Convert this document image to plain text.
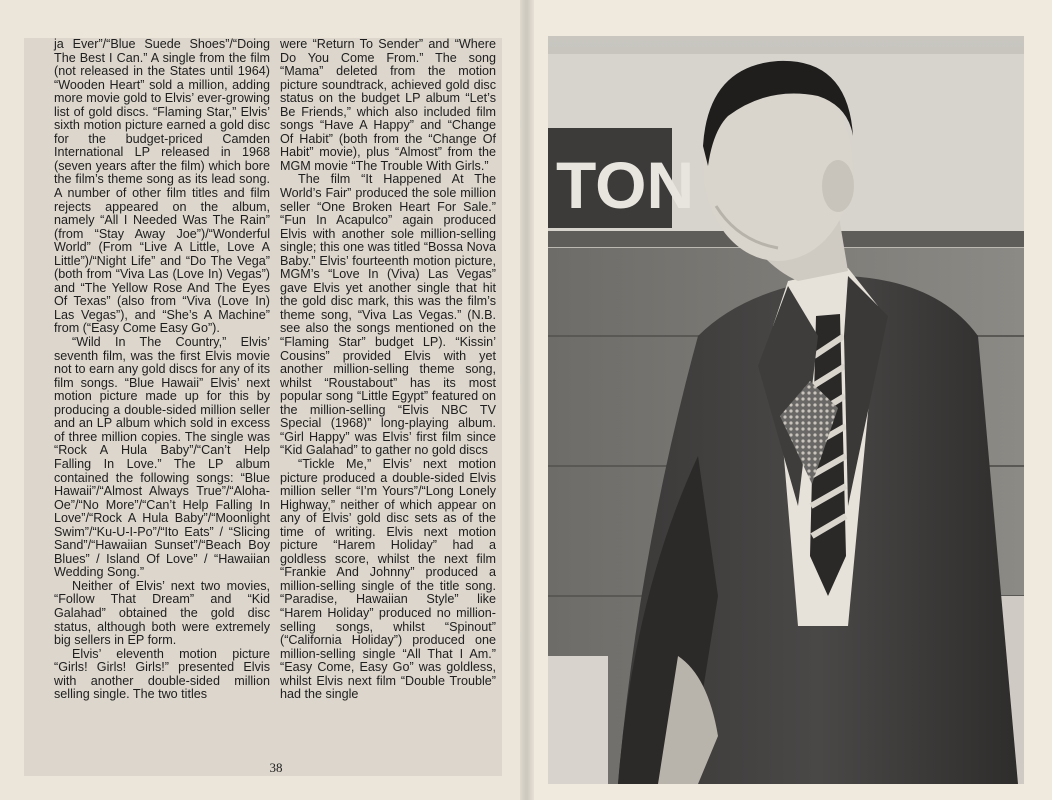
ja Ever”/“Blue Suede Shoes”/“Doing The Best I Can.” A single from the film (not released in the States until 1964) “Wooden Heart” sold a million, adding more movie gold to Elvis’ ever-growing list of gold discs. “Flaming Star,” Elvis’ sixth motion picture earned a gold disc for the budget-priced Camden International LP released in 1968 (seven years after the film) which bore the film’s theme song as its lead song. A number of other film titles and film rejects appeared on the album, namely “All I Needed Was The Rain” (from “Stay Away Joe”)/“Wonderful World” (From “Live A Little, Love A Little”)/“Night Life” and “Do The Vega” (both from “Viva Las (Love In) Vegas”) and “The Yellow Rose And The Eyes Of Texas” (also from “Viva (Love In) Las Vegas”), and “She’s A Machine” from (“Easy Come Easy Go”).

“Wild In The Country,” Elvis’ seventh film, was the first Elvis movie not to earn any gold discs for any of its film songs. “Blue Hawaii” Elvis’ next motion picture made up for this by producing a double-sided million seller and an LP album which sold in excess of three million copies. The single was “Rock A Hula Baby”/“Can’t Help Falling In Love.” The LP album contained the following songs: “Blue Hawaii”/“Almost Always True”/“Aloha-Oe”/“No More”/“Can’t Help Falling In Love”/“Rock A Hula Baby”/“Moonlight Swim”/“Ku-U-I-Po”/“Ito Eats” / “Slicing Sand”/“Hawaiian Sunset”/“Beach Boy Blues” / Island Of Love” / “Hawaiian Wedding Song.”

Neither of Elvis’ next two movies, “Follow That Dream” and “Kid Galahad” obtained the gold disc status, although both were extremely big sellers in EP form.

Elvis’ eleventh motion picture “Girls! Girls! Girls!” presented Elvis with another double-sided million selling single. The two titles

were “Return To Sender” and “Where Do You Come From.” The song “Mama” deleted from the motion picture soundtrack, achieved gold disc status on the budget LP album “Let’s Be Friends,” which also included film songs “Have A Happy” and “Change Of Habit” (both from the “Change Of Habit” movie), plus “Almost” from the MGM movie “The Trouble With Girls.”

The film “It Happened At The World’s Fair” produced the sole million seller “One Broken Heart For Sale.” “Fun In Acapulco” again produced Elvis with another sole million-selling single; this one was titled “Bossa Nova Baby.” Elvis’ fourteenth motion picture, MGM’s “Love In (Viva) Las Vegas” gave Elvis yet another single that hit the gold disc mark, this was the film’s theme song, “Viva Las Vegas.” (N.B. see also the songs mentioned on the “Flaming Star” budget LP). “Kissin’ Cousins” provided Elvis with yet another million-selling theme song, whilst “Roustabout” has its most popular song “Little Egypt” featured on the million-selling “Elvis NBC TV Special (1968)” long-playing album. “Girl Happy” was Elvis’ first film since “Kid Galahad” to gather no gold discs

“Tickle Me,” Elvis’ next motion picture produced a double-sided Elvis million seller “I’m Yours”/“Long Lonely Highway,” neither of which appear on any of Elvis’ gold disc sets as of the time of writing. Elvis next motion picture “Harem Holiday” had a goldless score, whilst the next film “Frankie And Johnny” produced a million-selling single of the title song. “Paradise, Hawaiian Style” like “Harem Holiday” produced no million-selling songs, whilst “Spinout” (“California Holiday”) produced one million-selling single “All That I Am.” “Easy Come, Easy Go” was goldless, whilst Elvis next film “Double Trouble” had the single

38
TON
